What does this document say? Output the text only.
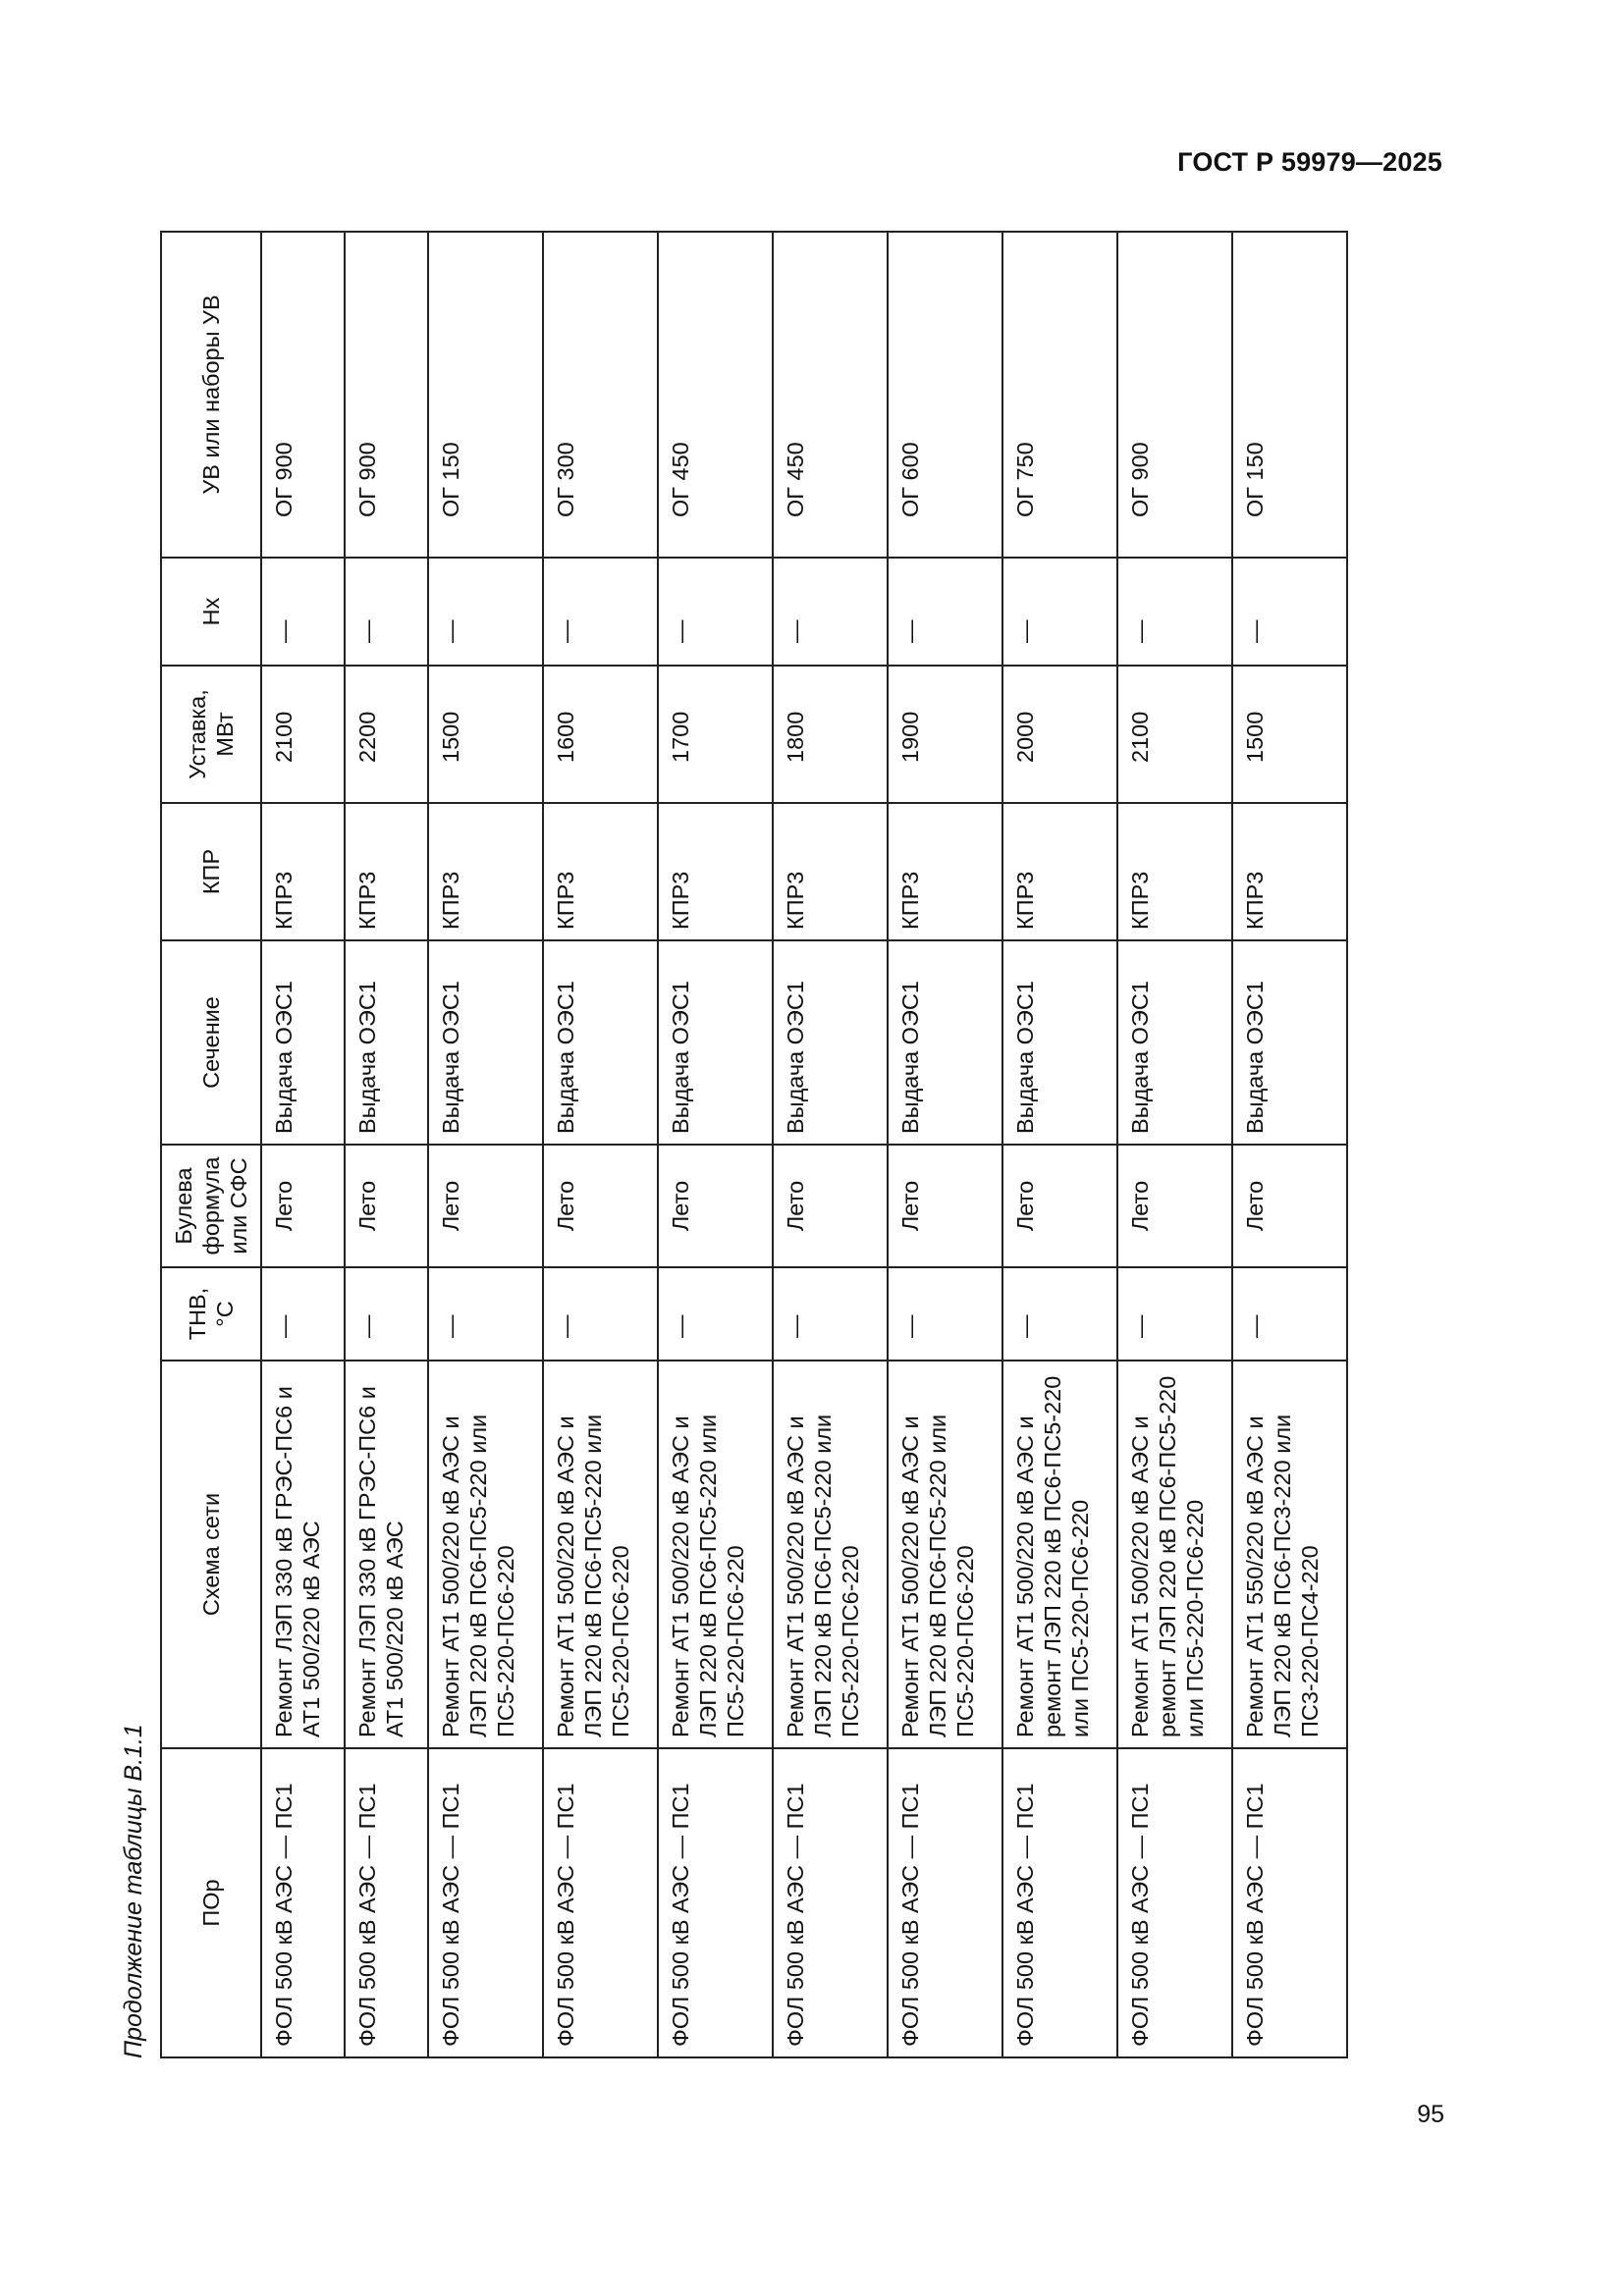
ГОСТ Р 59979—2025
Продолжение таблицы В.1.1 ПОр	Схема сети	ТНВ, °С	Булева формула или СФС	Сечение	КПР	Уставка, МВт	Нх	УВ или наборы УВ
ФОЛ 500 кВ АЭС — ПС1	Ремонт ЛЭП 330 кВ ГРЭС-ПС6 и АТ1 500/220 кВ АЭС	—	Лето	Выдача ОЭС1	КПР3	2100	—	ОГ 900
ФОЛ 500 кВ АЭС — ПС1	Ремонт ЛЭП 330 кВ ГРЭС-ПС6 и АТ1 500/220 кВ АЭС	—	Лето	Выдача ОЭС1	КПР3	2200	—	ОГ 900
ФОЛ 500 кВ АЭС — ПС1	Ремонт АТ1 500/220 кВ АЭС и ЛЭП 220 кВ ПС6-ПС5-220 или ПС5-220-ПС6-220	—	Лето	Выдача ОЭС1	КПР3	1500	—	ОГ 150
ФОЛ 500 кВ АЭС — ПС1	Ремонт АТ1 500/220 кВ АЭС и ЛЭП 220 кВ ПС6-ПС5-220 или ПС5-220-ПС6-220	—	Лето	Выдача ОЭС1	КПР3	1600	—	ОГ 300
ФОЛ 500 кВ АЭС — ПС1	Ремонт АТ1 500/220 кВ АЭС и ЛЭП 220 кВ ПС6-ПС5-220 или ПС5-220-ПС6-220	—	Лето	Выдача ОЭС1	КПР3	1700	—	ОГ 450
ФОЛ 500 кВ АЭС — ПС1	Ремонт АТ1 500/220 кВ АЭС и ЛЭП 220 кВ ПС6-ПС5-220 или ПС5-220-ПС6-220	—	Лето	Выдача ОЭС1	КПР3	1800	—	ОГ 450
ФОЛ 500 кВ АЭС — ПС1	Ремонт АТ1 500/220 кВ АЭС и ЛЭП 220 кВ ПС6-ПС5-220 или ПС5-220-ПС6-220	—	Лето	Выдача ОЭС1	КПР3	1900	—	ОГ 600
ФОЛ 500 кВ АЭС — ПС1	Ремонт АТ1 500/220 кВ АЭС и ремонт ЛЭП 220 кВ ПС6-ПС5-220 или ПС5-220-ПС6-220	—	Лето	Выдача ОЭС1	КПР3	2000	—	ОГ 750
ФОЛ 500 кВ АЭС — ПС1	Ремонт АТ1 500/220 кВ АЭС и ремонт ЛЭП 220 кВ ПС6-ПС5-220 или ПС5-220-ПС6-220	—	Лето	Выдача ОЭС1	КПР3	2100	—	ОГ 900
ФОЛ 500 кВ АЭС — ПС1	Ремонт АТ1 550/220 кВ АЭС и ЛЭП 220 кВ ПС6-ПС3-220 или ПС3-220-ПС4-220	—	Лето	Выдача ОЭС1	КПР3	1500	—	ОГ 150
95
